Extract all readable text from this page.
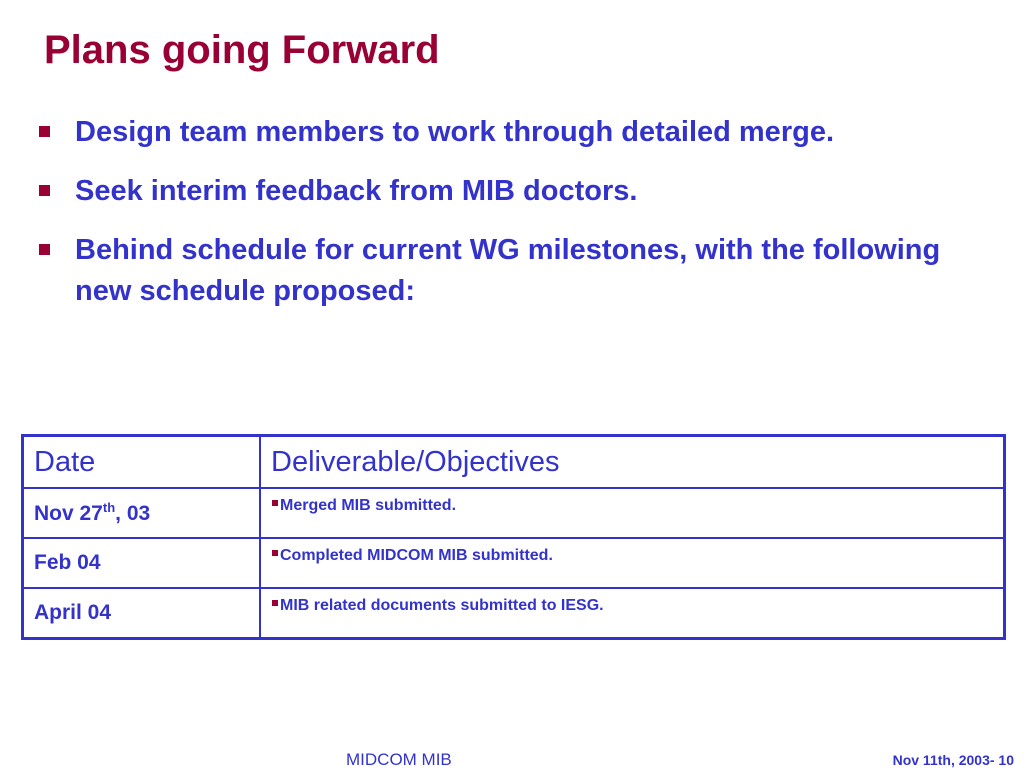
Plans going Forward
Design team members to work through detailed merge.
Seek interim feedback from MIB doctors.
Behind schedule for current WG milestones, with the following new schedule proposed:
Date	Deliverable/Objectives
Nov 27th, 03	Merged MIB submitted.
Feb 04	Completed MIDCOM MIB submitted.
April 04	MIB related documents submitted to IESG.
MIDCOM MIB	Nov 11th, 2003- 10
